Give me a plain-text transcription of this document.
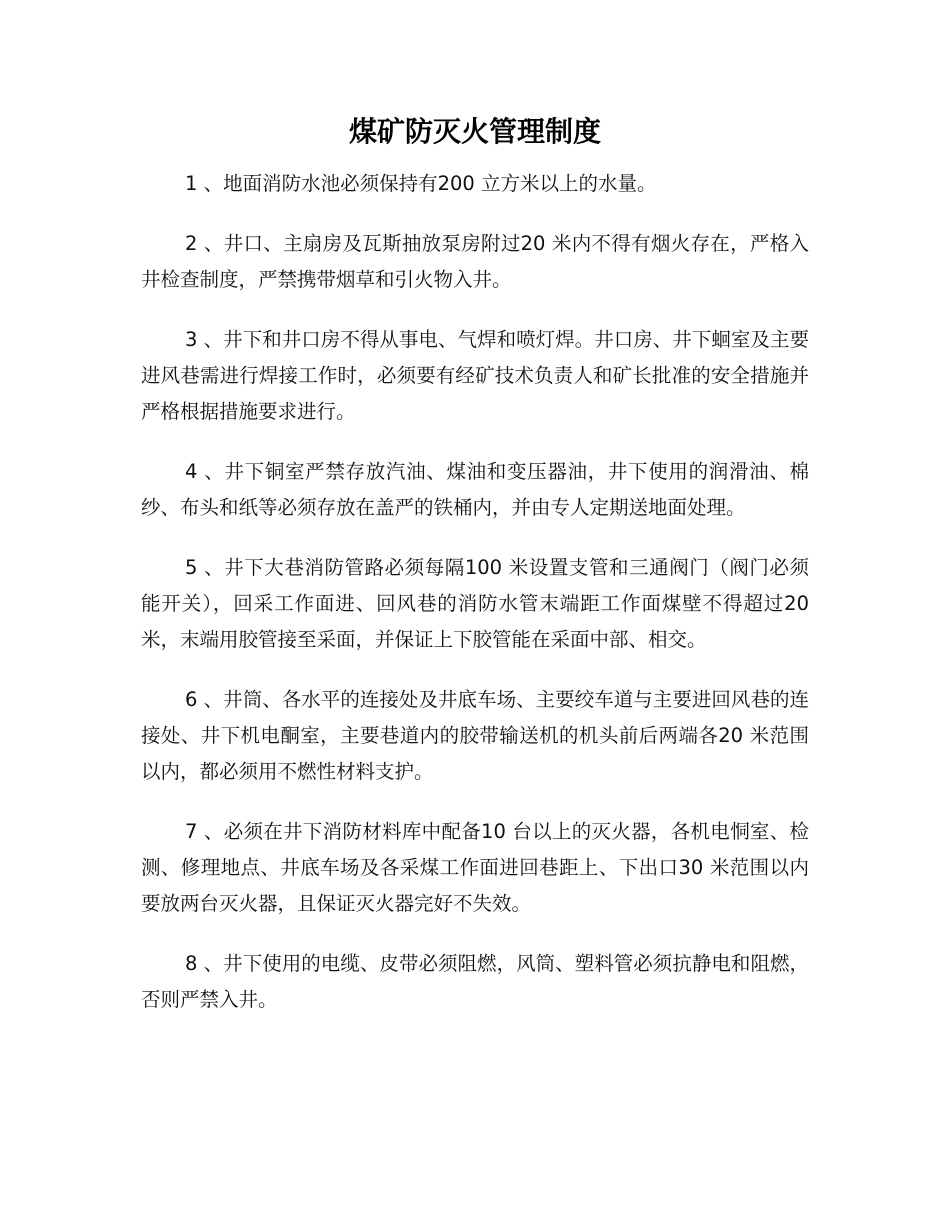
煤矿防灭火管理制度

1 、地面消防水池必须保持有200 立方米以上的水量。

2 、井口、主扇房及瓦斯抽放泵房附过20 米内不得有烟火存在，严格入井检查制度，严禁携带烟草和引火物入井。

3 、井下和井口房不得从事电、气焊和喷灯焊。井口房、井下蛔室及主要进风巷需进行焊接工作时，必须要有经矿技术负责人和矿长批准的安全措施并严格根据措施要求进行。

4 、井下铜室严禁存放汽油、煤油和变压器油，井下使用的润滑油、棉纱、布头和纸等必须存放在盖严的铁桶内，并由专人定期送地面处理。

5 、井下大巷消防管路必须每隔100 米设置支管和三通阀门（阀门必须能开关），回采工作面进、回风巷的消防水管末端距工作面煤壁不得超过20 米，末端用胶管接至采面，并保证上下胶管能在采面中部、相交。

6 、井筒、各水平的连接处及井底车场、主要绞车道与主要进回风巷的连接处、井下机电酮室，主要巷道内的胶带输送机的机头前后两端各20 米范围以内，都必须用不燃性材料支护。

7 、必须在井下消防材料库中配备10 台以上的灭火器，各机电恫室、检测、修理地点、井底车场及各采煤工作面进回巷距上、下出口30 米范围以内要放两台灭火器，且保证灭火器完好不失效。

8 、井下使用的电缆、皮带必须阻燃，风筒、塑料管必须抗静电和阻燃，否则严禁入井。
